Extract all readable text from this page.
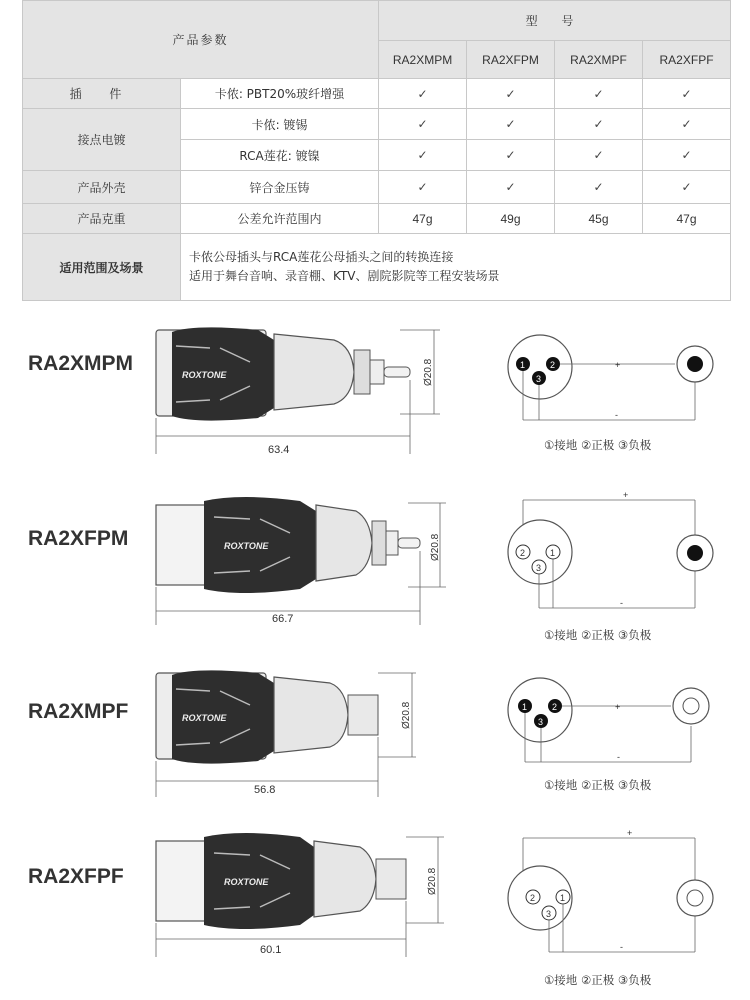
产品参数		型 号			
		RA2XMPM	RA2XFPM	RA2XMPF	RA2XFPF
插 件	卡侬: PBT20%玻纤增强	✓	✓	✓	✓
接点电镀	卡侬: 镀锡	✓	✓	✓	✓
	RCA莲花: 镀镍	✓	✓	✓	✓
产品外壳	锌合金压铸	✓	✓	✓	✓
产品克重	公差允许范围内	47g	49g	45g	47g
适用范围及场景	卡侬公母插头与RCA莲花公母插头之间的转换连接
适用于舞台音响、录音棚、KTV、剧院影院等工程安装场景				
RA2XMPM	ROXTONE	Ø20.8
63.4
1	2
3
+
-
①接地 ②正极 ③负极
RA2XFPM	ROXTONE	Ø20.8
66.7
+
2	1
3
-
①接地 ②正极 ③负极
RA2XMPF	ROXTONE	Ø20.8
56.8
1	2
3
+
-
①接地 ②正极 ③负极
RA2XFPF	ROXTONE	Ø20.8
60.1
+
2	1
3
-
①接地 ②正极 ③负极
